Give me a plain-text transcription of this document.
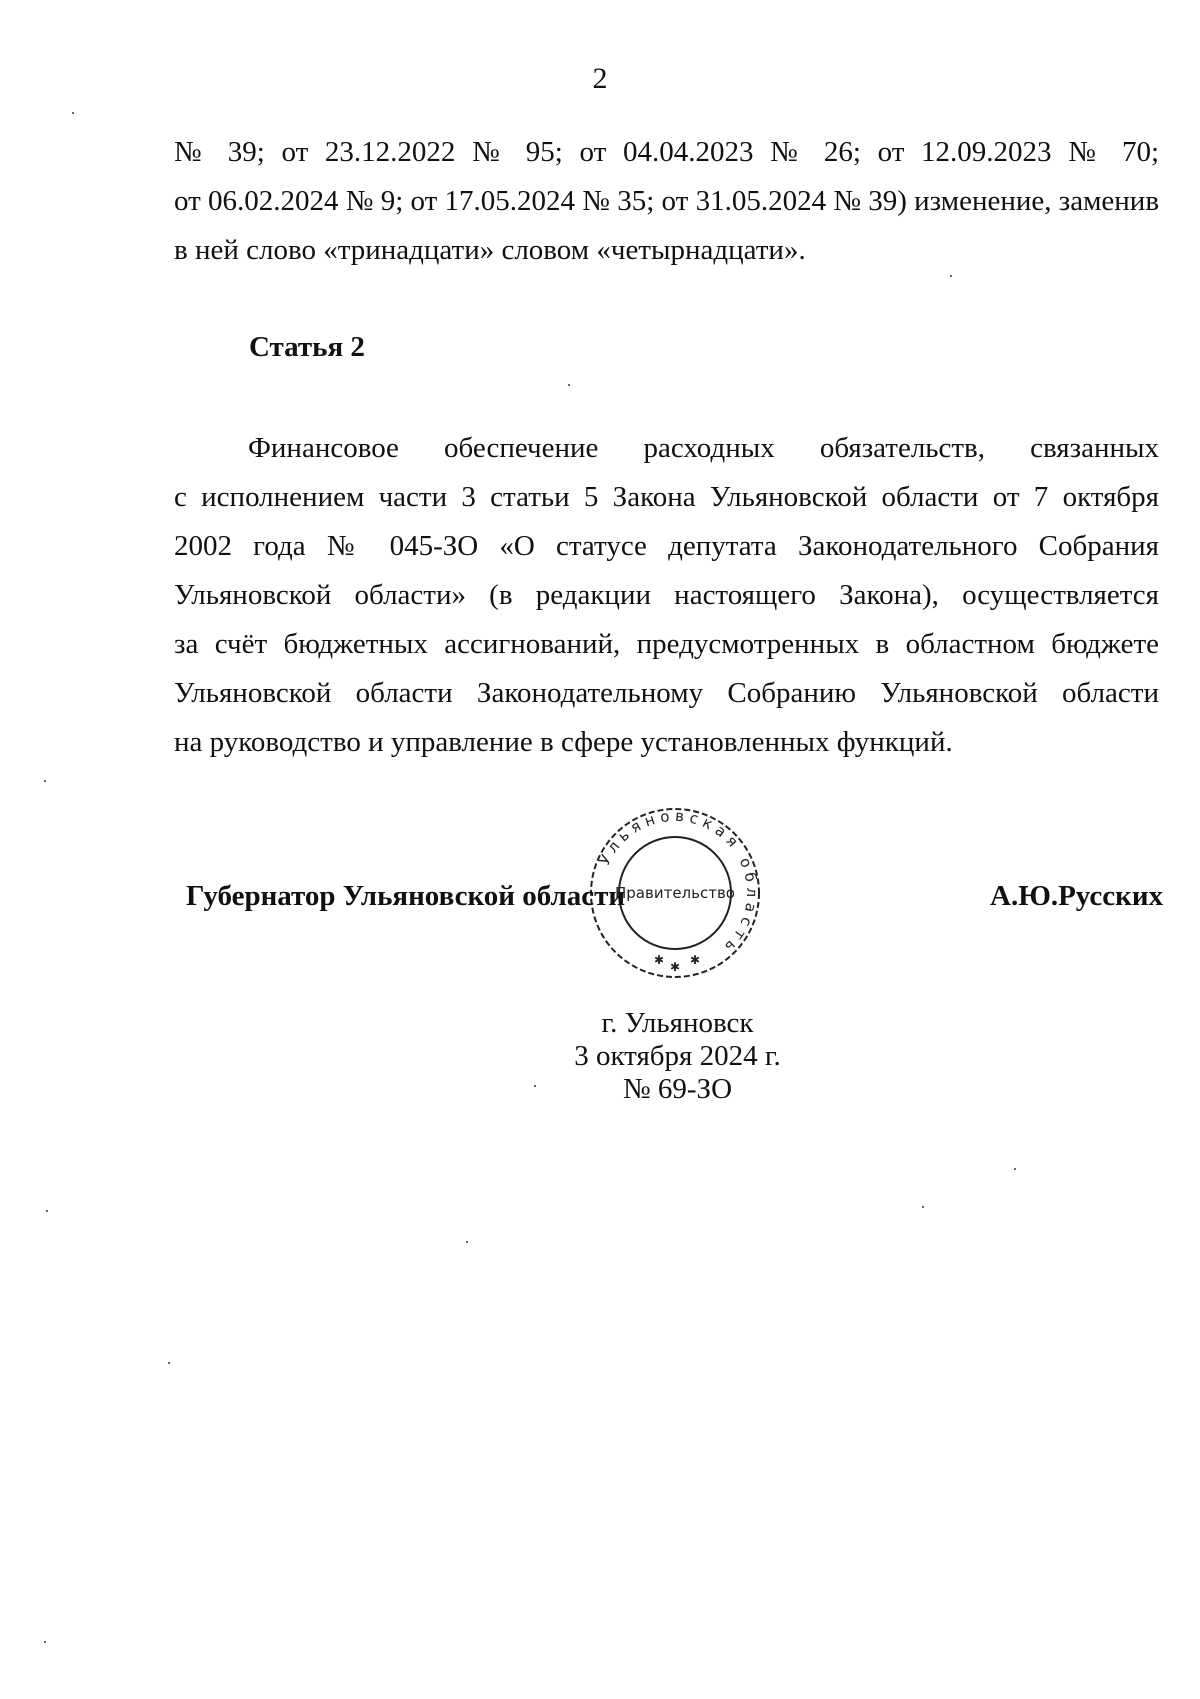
2

№ 39; от 23.12.2022 № 95; от 04.04.2023 № 26; от 12.09.2023 № 70;
от 06.02.2024 № 9; от 17.05.2024 № 35; от 31.05.2024 № 39) изменение, заменив
в ней слово «тринадцати» словом «четырнадцати».

Статья 2

Финансовое обеспечение расходных обязательств, связанных
с исполнением части 3 статьи 5 Закона Ульяновской области от 7 октября
2002 года № 045-ЗО «О статусе депутата Законодательного Собрания
Ульяновской области» (в редакции настоящего Закона), осуществляется
за счёт бюджетных ассигнований, предусмотренных в областном бюджете
Ульяновской области Законодательному Собранию Ульяновской области
на руководство и управление в сфере установленных функций.

Ульяновская область
Правительство
✱ ✱ ✱
Губернатор Ульяновской области	А.Ю.Русских
г. Ульяновск
3 октября 2024 г.
№ 69-ЗО
